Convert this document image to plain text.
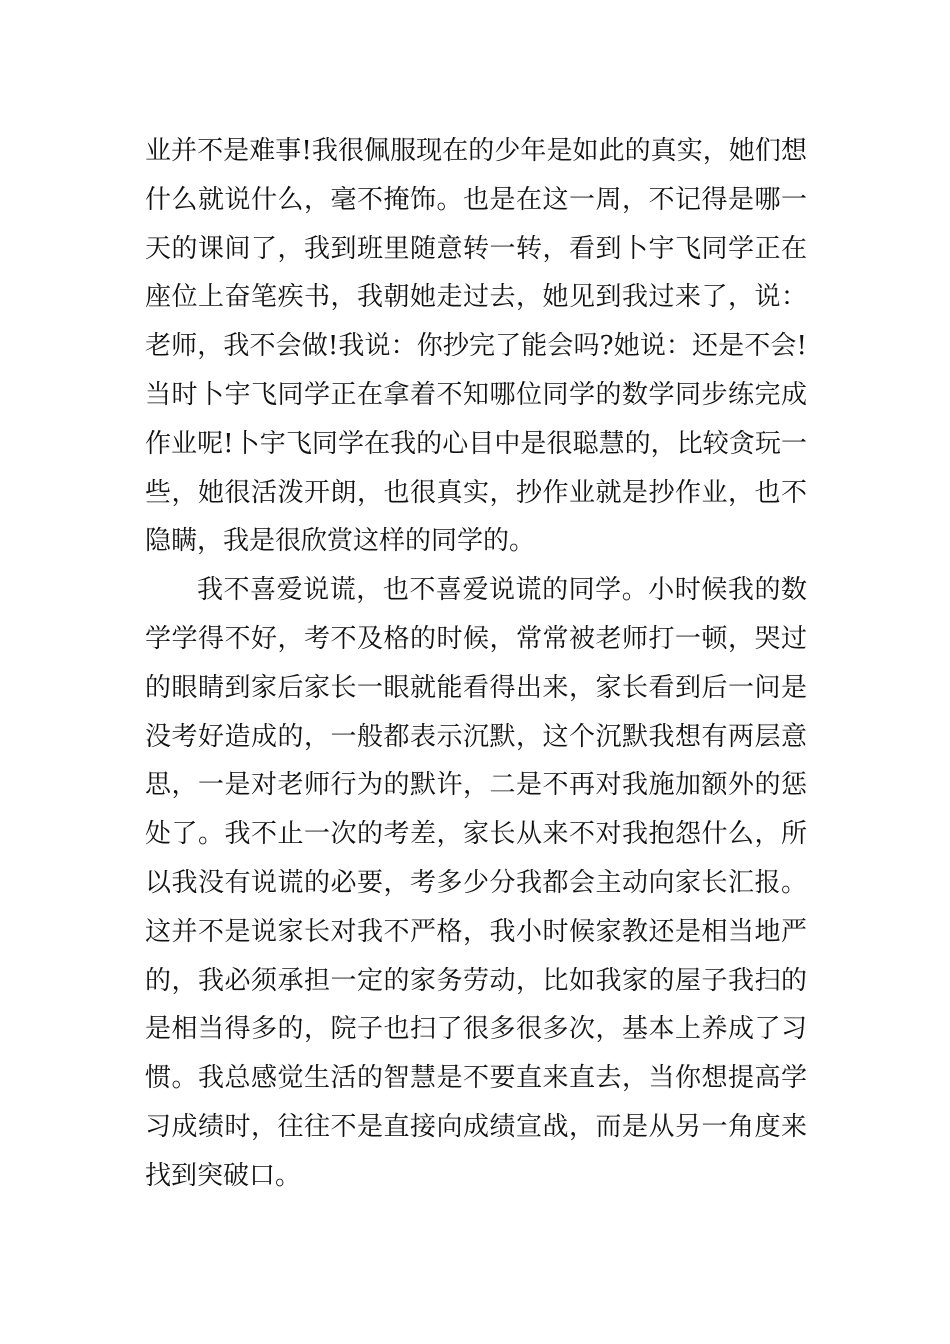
业并不是难事!我很佩服现在的少年是如此的真实，她们想
什么就说什么，毫不掩饰。也是在这一周，不记得是哪一
天的课间了，我到班里随意转一转，看到卜宇飞同学正在
座位上奋笔疾书，我朝她走过去，她见到我过来了，说：
老师，我不会做!我说：你抄完了能会吗?她说：还是不会!
当时卜宇飞同学正在拿着不知哪位同学的数学同步练完成
作业呢!卜宇飞同学在我的心目中是很聪慧的，比较贪玩一
些，她很活泼开朗，也很真实，抄作业就是抄作业，也不
隐瞒，我是很欣赏这样的同学的。
我不喜爱说谎，也不喜爱说谎的同学。小时候我的数
学学得不好，考不及格的时候，常常被老师打一顿，哭过
的眼睛到家后家长一眼就能看得出来，家长看到后一问是
没考好造成的，一般都表示沉默，这个沉默我想有两层意
思，一是对老师行为的默许，二是不再对我施加额外的惩
处了。我不止一次的考差，家长从来不对我抱怨什么，所
以我没有说谎的必要，考多少分我都会主动向家长汇报。
这并不是说家长对我不严格，我小时候家教还是相当地严
的，我必须承担一定的家务劳动，比如我家的屋子我扫的
是相当得多的，院子也扫了很多很多次，基本上养成了习
惯。我总感觉生活的智慧是不要直来直去，当你想提高学
习成绩时，往往不是直接向成绩宣战，而是从另一角度来
找到突破口。
